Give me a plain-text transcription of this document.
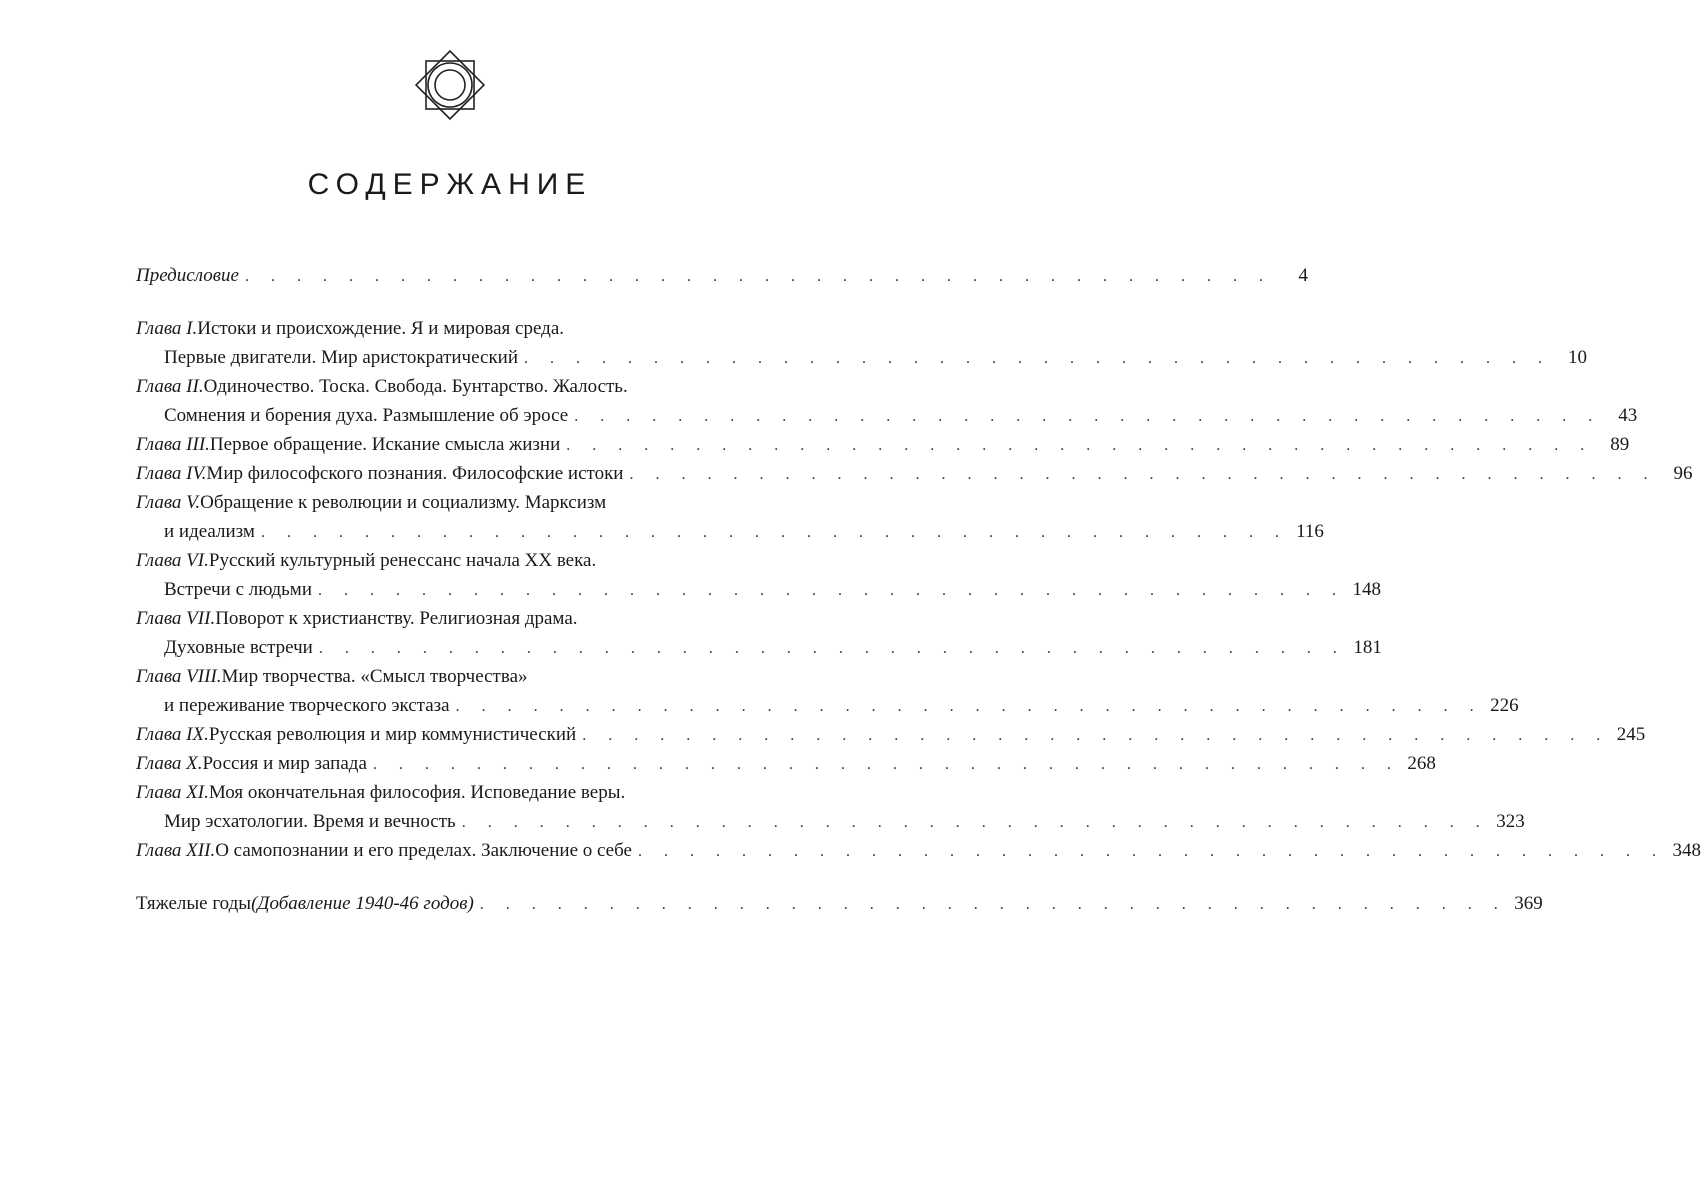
СОДЕРЖАНИЕ
Предисловие . . . . . . . . . . . . . . . . . . . . . . . . . . . . . . . . . . . . . . . .	4
Глава I. Истоки и происхождение. Я и мировая среда.
Первые двигатели. Мир аристократический . . . . . . . . . . . . . . . . . . . . . . . . . . . . . . . . . . . . . . . . 10
Глава II. Одиночество. Тоска. Свобода. Бунтарство. Жалость.
Сомнения и борения духа. Размышление об эросе . . . . . . . . . . . . . . . . . . . . . . . . . . . . . . . . . . . . . . . . 43
Глава III. Первое обращение. Искание смысла жизни . . . . . . . . . . . . . . . . . . . . . . . . . . . . . . . . . . . . . . . . 89
Глава IV. Мир философского познания. Философские истоки . . . . . . . . . . . . . . . . . . . . . . . . . . . . . . . . . . . . . . . . 96
Глава V. Обращение к революции и социализму. Марксизм
и идеализм . . . . . . . . . . . . . . . . . . . . . . . . . . . . . . . . . . . . . . . . 116
Глава VI. Русский культурный ренессанс начала XX века.
Встречи с людьми . . . . . . . . . . . . . . . . . . . . . . . . . . . . . . . . . . . . . . . . 148
Глава VII. Поворот к христианству. Религиозная драма.
Духовные встречи . . . . . . . . . . . . . . . . . . . . . . . . . . . . . . . . . . . . . . . . 181
Глава VIII. Мир творчества. «Смысл творчества»
и переживание творческого экстаза . . . . . . . . . . . . . . . . . . . . . . . . . . . . . . . . . . . . . . . . 226
Глава IX. Русская революция и мир коммунистический . . . . . . . . . . . . . . . . . . . . . . . . . . . . . . . . . . . . . . . . 245
Глава X. Россия и мир запада . . . . . . . . . . . . . . . . . . . . . . . . . . . . . . . . . . . . . . . . 268
Глава XI. Моя окончательная философия. Исповедание веры.
Мир эсхатологии. Время и вечность . . . . . . . . . . . . . . . . . . . . . . . . . . . . . . . . . . . . . . . . 323
Глава XII. О самопознании и его пределах. Заключение о себе . . . . . . . . . . . . . . . . . . . . . . . . . . . . . . . . . . . . . . . . 348
Тяжелые годы (Добавление 1940-46 годов) . . . . . . . . . . . . . . . . . . . . . . . . . . . . . . . . . . . . . . . . 369
